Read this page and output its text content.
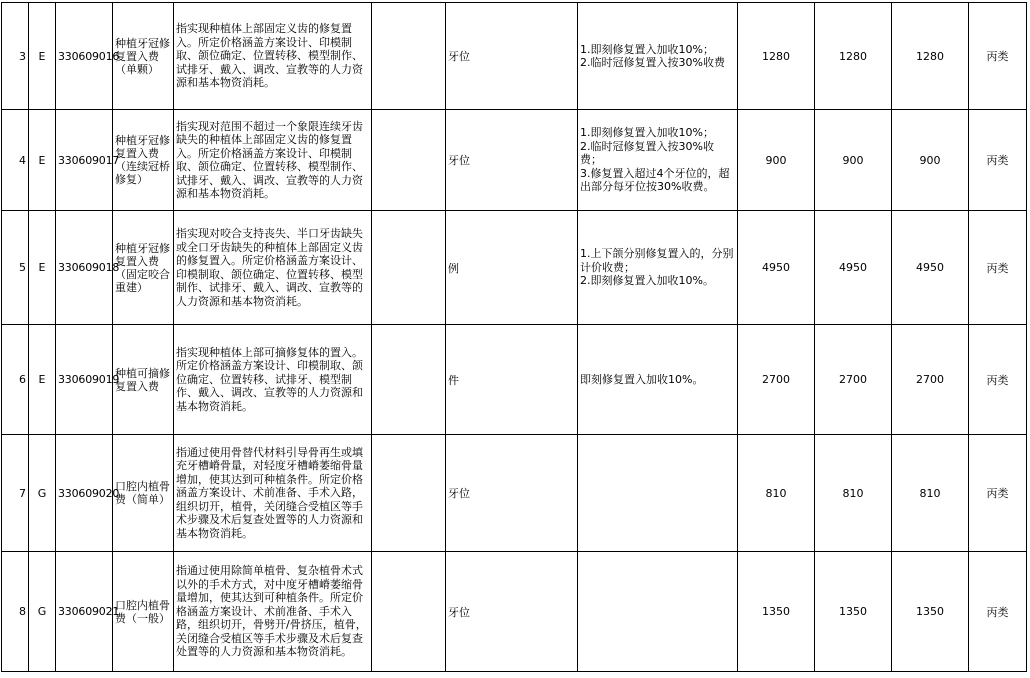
3	E	330609016	种植牙冠修复置入费（单颗）	指实现种植体上部固定义齿的修复置入。所定价格涵盖方案设计、印模制取、颌位确定、位置转移、模型制作、试排牙、戴入、调改、宣教等的人力资源和基本物资消耗。		牙位	1.即刻修复置入加收10%；
2.临时冠修复置入按30%收费	1280	1280	1280	丙类
4	E	330609017	种植牙冠修复置入费（连续冠桥修复）	指实现对范围不超过一个象限连续牙齿缺失的种植体上部固定义齿的修复置入。所定价格涵盖方案设计、印模制取、颌位确定、位置转移、模型制作、试排牙、戴入、调改、宣教等的人力资源和基本物资消耗。		牙位	1.即刻修复置入加收10%；
2.临时冠修复置入按30%收费；
3.修复置入超过4个牙位的，超出部分每牙位按30%收费。	900	900	900	丙类
5	E	330609018	种植牙冠修复置入费（固定咬合重建）	指实现对咬合支持丧失、半口牙齿缺失或全口牙齿缺失的种植体上部固定义齿的修复置入。所定价格涵盖方案设计、印模制取、颌位确定、位置转移、模型制作、试排牙、戴入、调改、宣教等的人力资源和基本物资消耗。		例	1.上下颌分别修复置入的，分别计价收费；
2.即刻修复置入加收10%。	4950	4950	4950	丙类
6	E	330609019	种植可摘修复置入费	指实现种植体上部可摘修复体的置入。所定价格涵盖方案设计、印模制取、颌位确定、位置转移、试排牙、模型制作、戴入、调改、宣教等的人力资源和基本物资消耗。		件	即刻修复置入加收10%。	2700	2700	2700	丙类
7	G	330609020	口腔内植骨费（简单）	指通过使用骨替代材料引导骨再生或填充牙槽嵴骨量，对轻度牙槽嵴萎缩骨量增加，使其达到可种植条件。所定价格涵盖方案设计、术前准备、手术入路，组织切开，植骨，关闭缝合受植区等手术步骤及术后复查处置等的人力资源和基本物资消耗。		牙位		810	810	810	丙类
8	G	330609021	口腔内植骨费（一般）	指通过使用除简单植骨、复杂植骨术式以外的手术方式，对中度牙槽嵴萎缩骨量增加，使其达到可种植条件。所定价格涵盖方案设计、术前准备、手术入路，组织切开，骨劈开/骨挤压，植骨，关闭缝合受植区等手术步骤及术后复查处置等的人力资源和基本物资消耗。		牙位		1350	1350	1350	丙类
